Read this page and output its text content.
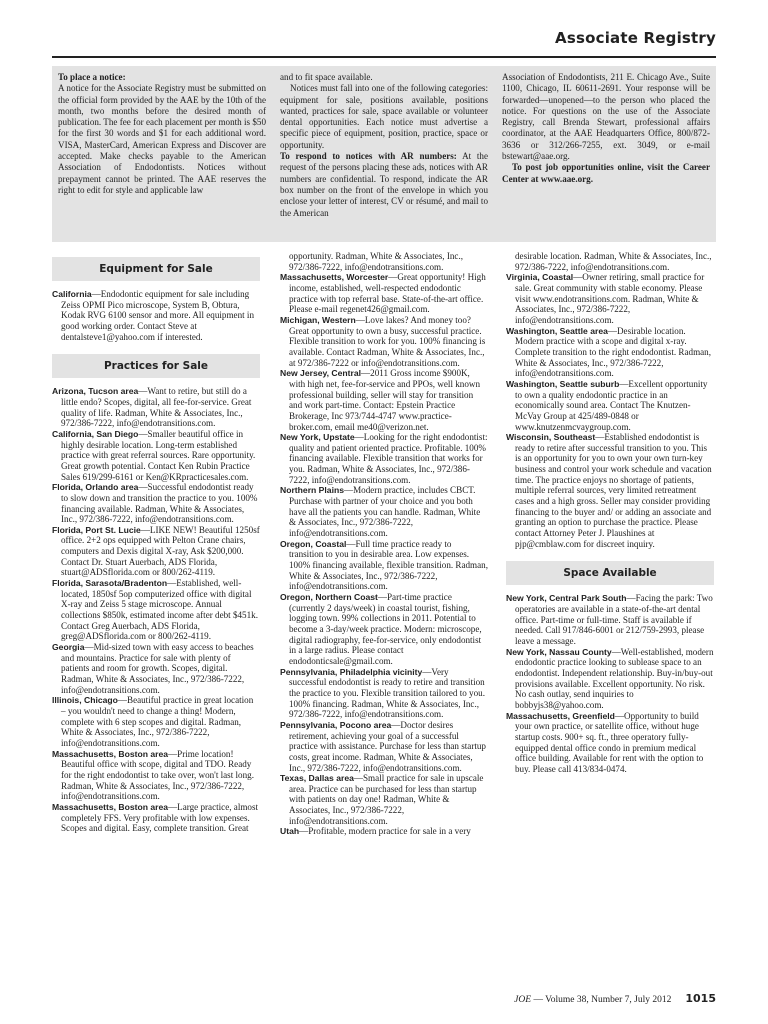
Associate Registry

To place a notice:

A notice for the Associate Registry must be submitted on the official form provided by the AAE by the 10th of the month, two months before the desired month of publication. The fee for each placement per month is $50 for the first 30 words and $1 for each additional word. VISA, MasterCard, American Express and Discover are accepted. Make checks payable to the American Association of Endodontists. Notices without prepayment cannot be printed. The AAE reserves the right to edit for style and applicable law

and to fit space available.

Notices must fall into one of the following categories: equipment for sale, positions available, positions wanted, practices for sale, space available or volunteer dental opportunities. Each notice must advertise a specific piece of equipment, position, practice, space or opportunity.

To respond to notices with AR numbers: At the request of the persons placing these ads, notices with AR numbers are confidential. To respond, indicate the AR box number on the front of the envelope in which you enclose your letter of interest, CV or résumé, and mail to the American

Association of Endodontists, 211 E. Chicago Ave., Suite 1100, Chicago, IL 60611-2691. Your response will be forwarded—unopened—to the person who placed the notice. For questions on the use of the Associate Registry, call Brenda Stewart, professional affairs coordinator, at the AAE Headquarters Office, 800/872-3636 or 312/266-7255, ext. 3049, or e-mail bstewart@aae.org.

To post job opportunities online, visit the Career Center at www.aae.org.

Equipment for Sale
California—Endodontic equipment for sale including Zeiss OPMI Pico microscope, System B, Obtura, Kodak RVG 6100 sensor and more. All equipment in good working order. Contact Steve at dentalsteve1@yahoo.com if interested.
Practices for Sale
Arizona, Tucson area—Want to retire, but still do a little endo? Scopes, digital, all fee-for-service. Great quality of life. Radman, White & Associates, Inc., 972/386-7222, info@endotransitions.com.
California, San Diego—Smaller beautiful office in highly desirable location. Long-term established practice with great referral sources. Rare opportunity. Great growth potential. Contact Ken Rubin Practice Sales 619/299-6161 or Ken@KRpracticesales.com.
Florida, Orlando area—Successful endodontist ready to slow down and transition the practice to you. 100% financing available. Radman, White & Associates, Inc., 972/386-7222, info@endotransitions.com.
Florida, Port St. Lucie—LIKE NEW! Beautiful 1250sf office. 2+2 ops equipped with Pelton Crane chairs, computers and Dexis digital X-ray, Ask $200,000. Contact Dr. Stuart Auerbach, ADS Florida, stuart@ADSflorida.com or 800/262-4119.
Florida, Sarasota/Bradenton—Established, well-located, 1850sf 5op computerized office with digital X-ray and Zeiss 5 stage microscope. Annual collections $850k, estimated income after debt $451k. Contact Greg Auerbach, ADS Florida, greg@ADSflorida.com or 800/262-4119.
Georgia—Mid-sized town with easy access to beaches and mountains. Practice for sale with plenty of patients and room for growth. Scopes, digital. Radman, White & Associates, Inc., 972/386-7222, info@endotransitions.com.
Illinois, Chicago—Beautiful practice in great location – you wouldn't need to change a thing! Modern, complete with 6 step scopes and digital. Radman, White & Associates, Inc., 972/386-7222, info@endotransitions.com.
Massachusetts, Boston area—Prime location! Beautiful office with scope, digital and TDO. Ready for the right endodontist to take over, won't last long. Radman, White & Associates, Inc., 972/386-7222, info@endotransitions.com.
Massachusetts, Boston area—Large practice, almost completely FFS. Very profitable with low expenses. Scopes and digital. Easy, complete transition. Great
opportunity. Radman, White & Associates, Inc., 972/386-7222, info@endotransitions.com.
Massachusetts, Worcester—Great opportunity! High income, established, well-respected endodontic practice with top referral base. State-of-the-art office. Please e-mail regenet426@gmail.com.
Michigan, Western—Love lakes? And money too? Great opportunity to own a busy, successful practice. Flexible transition to work for you. 100% financing is available. Contact Radman, White & Associates, Inc., at 972/386-7222 or info@endotransitions.com.
New Jersey, Central—2011 Gross income $900K, with high net, fee-for-service and PPOs, well known professional building, seller will stay for transition and work part-time. Contact: Epstein Practice Brokerage, Inc 973/744-4747 www.practice-broker.com, email me40@verizon.net.
New York, Upstate—Looking for the right endodontist: quality and patient oriented practice. Profitable. 100% financing available. Flexible transition that works for you. Radman, White & Associates, Inc., 972/386-7222, info@endotransitions.com.
Northern Plains—Modern practice, includes CBCT. Purchase with partner of your choice and you both have all the patients you can handle. Radman, White & Associates, Inc., 972/386-7222, info@endotransitions.com.
Oregon, Coastal—Full time practice ready to transition to you in desirable area. Low expenses. 100% financing available, flexible transition. Radman, White & Associates, Inc., 972/386-7222, info@endotransitions.com.
Oregon, Northern Coast—Part-time practice (currently 2 days/week) in coastal tourist, fishing, logging town. 99% collections in 2011. Potential to become a 3-day/week practice. Modern: microscope, digital radiography, fee-for-service, only endodontist in a large radius. Please contact endodonticsale@gmail.com.
Pennsylvania, Philadelphia vicinity—Very successful endodontist is ready to retire and transition the practice to you. Flexible transition tailored to you. 100% financing. Radman, White & Associates, Inc., 972/386-7222, info@endotransitions.com.
Pennsylvania, Pocono area—Doctor desires retirement, achieving your goal of a successful practice with assistance. Purchase for less than startup costs, great income. Radman, White & Associates, Inc., 972/386-7222, info@endotransitions.com.
Texas, Dallas area—Small practice for sale in upscale area. Practice can be purchased for less than startup with patients on day one! Radman, White & Associates, Inc., 972/386-7222, info@endotransitions.com.
Utah—Profitable, modern practice for sale in a very
desirable location. Radman, White & Associates, Inc., 972/386-7222, info@endotransitions.com.
Virginia, Coastal—Owner retiring, small practice for sale. Great community with stable economy. Please visit www.endotransitions.com. Radman, White & Associates, Inc., 972/386-7222, info@endotransitions.com.
Washington, Seattle area—Desirable location. Modern practice with a scope and digital x-ray. Complete transition to the right endodontist. Radman, White & Associates, Inc., 972/386-7222, info@endotransitions.com.
Washington, Seattle suburb—Excellent opportunity to own a quality endodontic practice in an economically sound area. Contact The Knutzen-McVay Group at 425/489-0848 or www.knutzenmcvaygroup.com.
Wisconsin, Southeast—Established endodontist is ready to retire after successful transition to you. This is an opportunity for you to own your own turn-key business and control your work schedule and vacation time. The practice enjoys no shortage of patients, multiple referral sources, very limited retreatment cases and a high gross. Seller may consider providing financing to the buyer and/ or adding an associate and granting an option to purchase the practice. Please contact Attorney Peter J. Plaushines at pjp@cmblaw.com for discreet inquiry.
Space Available
New York, Central Park South—Facing the park: Two operatories are available in a state-of-the-art dental office. Part-time or full-time. Staff is available if needed. Call 917/846-6001 or 212/759-2993, please leave a message.
New York, Nassau County—Well-established, modern endodontic practice looking to sublease space to an endodontist. Independent relationship. Buy-in/buy-out provisions available. Excellent opportunity. No risk. No cash outlay, send inquiries to bobbyjs38@yahoo.com.
Massachusetts, Greenfield—Opportunity to build your own practice, or satellite office, without huge startup costs. 900+ sq. ft., three operatory fully-equipped dental office condo in premium medical office building. Available for rent with the option to buy. Please call 413/834-0474.
JOE — Volume 38, Number 7, July 2012 1015
